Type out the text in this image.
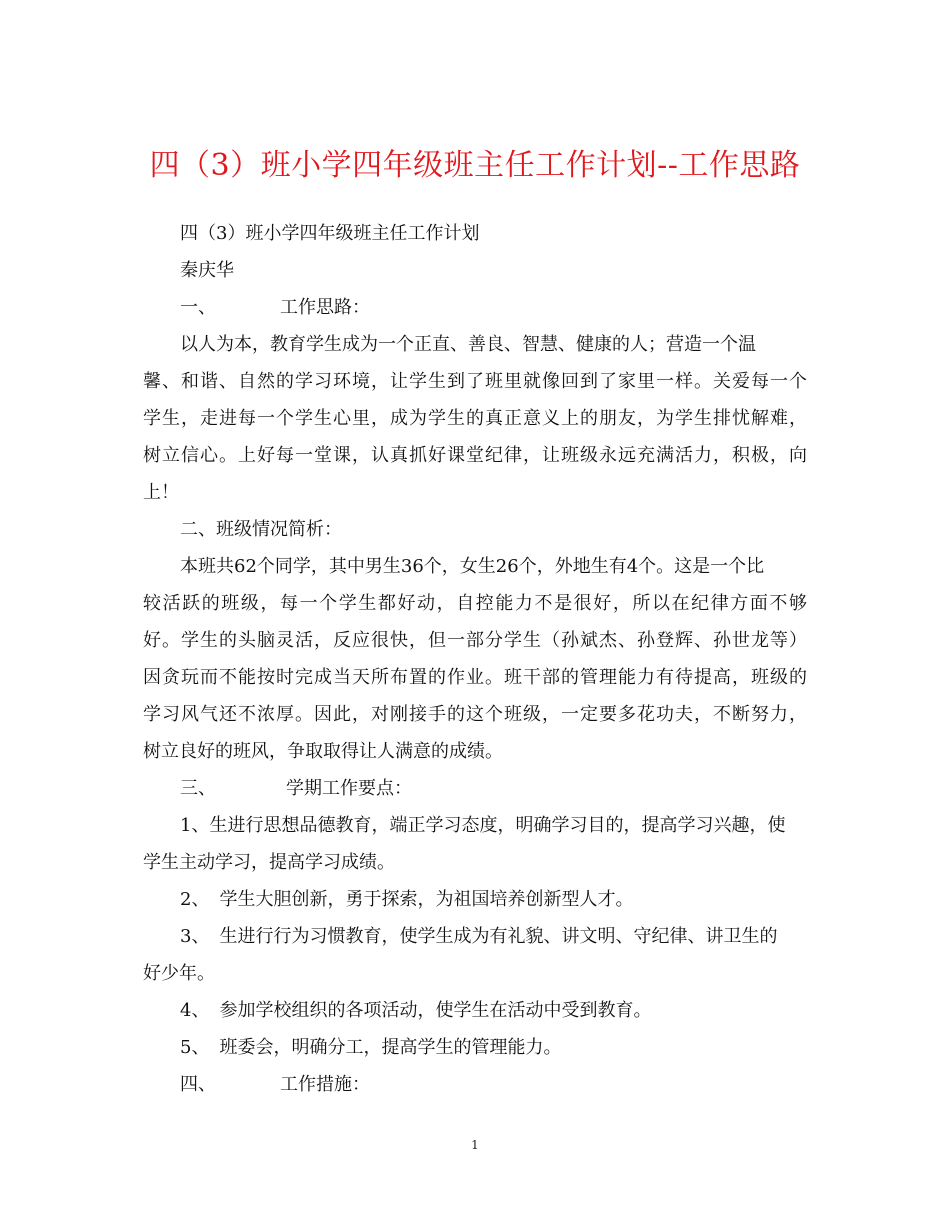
四（3）班小学四年级班主任工作计划--工作思路
四（3）班小学四年级班主任工作计划
秦庆华
一、	工作思路：
以人为本，教育学生成为一个正直、善良、智慧、健康的人；营造一个温
馨、和谐、自然的学习环境，让学生到了班里就像回到了家里一样。关爱每一个
学生，走进每一个学生心里，成为学生的真正意义上的朋友，为学生排忧解难，
树立信心。上好每一堂课，认真抓好课堂纪律，让班级永远充满活力，积极，向
上！
二、班级情况简析：
本班共62个同学，其中男生36个，女生26个，外地生有4个。这是一个比
较活跃的班级，每一个学生都好动，自控能力不是很好，所以在纪律方面不够
好。学生的头脑灵活，反应很快，但一部分学生（孙斌杰、孙登辉、孙世龙等）
因贪玩而不能按时完成当天所布置的作业。班干部的管理能力有待提高，班级的
学习风气还不浓厚。因此，对刚接手的这个班级，一定要多花功夫，不断努力，
树立良好的班风，争取取得让人满意的成绩。
三、	学期工作要点：
1、生进行思想品德教育，端正学习态度，明确学习目的，提高学习兴趣，使
学生主动学习，提高学习成绩。
2、 学生大胆创新，勇于探索，为祖国培养创新型人才。
3、 生进行行为习惯教育，使学生成为有礼貌、讲文明、守纪律、讲卫生的
好少年。
4、 参加学校组织的各项活动，使学生在活动中受到教育。
5、 班委会，明确分工，提高学生的管理能力。
四、	工作措施：
1
